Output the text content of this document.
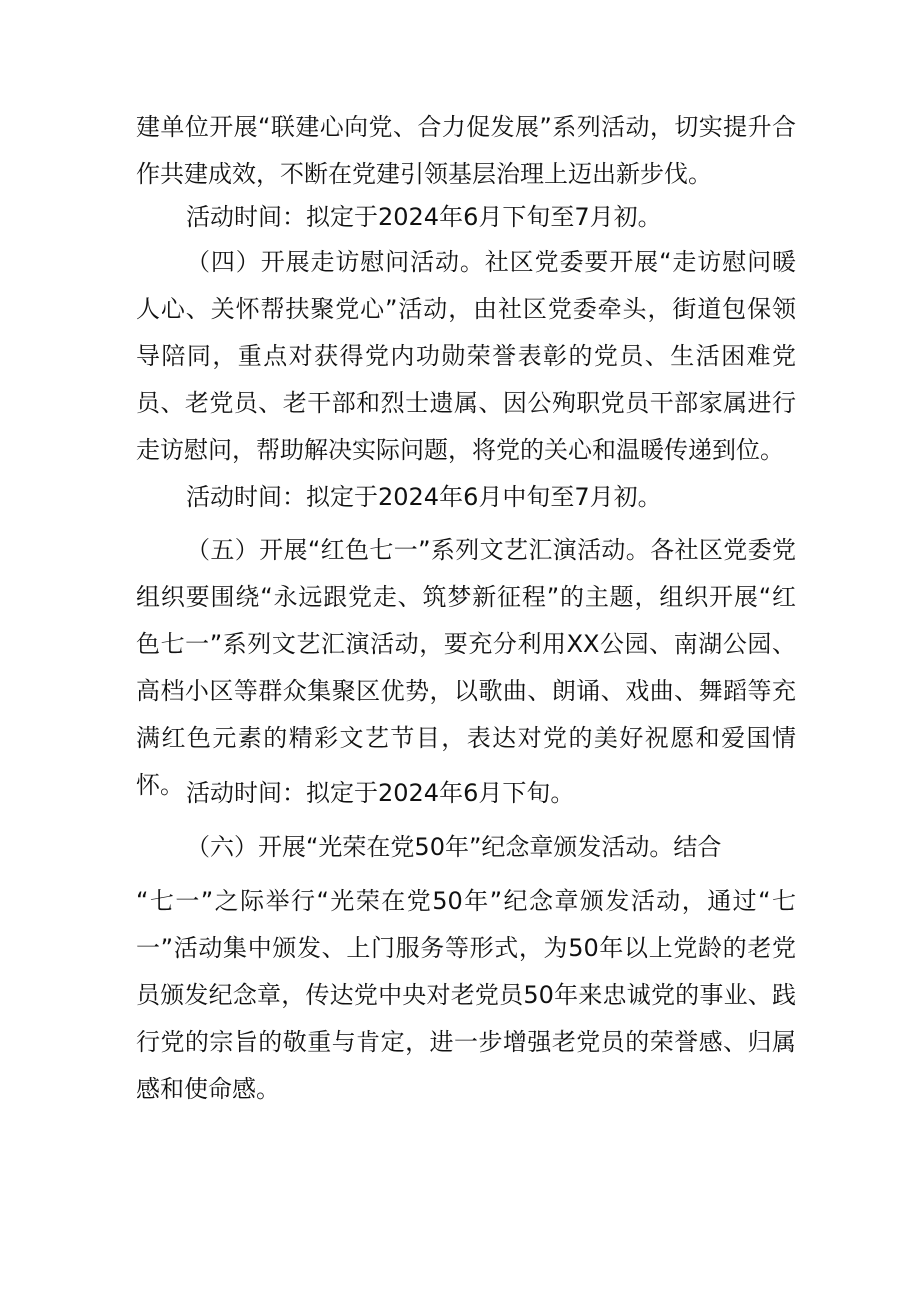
建单位开展“联建心向党、合力促发展”系列活动，切实提升合作共建成效，不断在党建引领基层治理上迈出新步伐。

活动时间：拟定于2024年6月下旬至7月初。

（四）开展走访慰问活动。社区党委要开展“走访慰问暖人心、关怀帮扶聚党心”活动，由社区党委牵头，街道包保领导陪同，重点对获得党内功勋荣誉表彰的党员、生活困难党员、老党员、老干部和烈士遗属、因公殉职党员干部家属进行走访慰问，帮助解决实际问题，将党的关心和温暖传递到位。

活动时间：拟定于2024年6月中旬至7月初。

（五）开展“红色七一”系列文艺汇演活动。各社区党委党组织要围绕“永远跟党走、筑梦新征程”的主题，组织开展“红色七一”系列文艺汇演活动，要充分利用XX公园、南湖公园、高档小区等群众集聚区优势，以歌曲、朗诵、戏曲、舞蹈等充满红色元素的精彩文艺节目，表达对党的美好祝愿和爱国情怀。 活动时间：拟定于2024年6月下旬。

（六）开展“光荣在党50年”纪念章颁发活动。结合

“七一”之际举行“光荣在党50年”纪念章颁发活动，通过“七一”活动集中颁发、上门服务等形式，为50年以上党龄的老党员颁发纪念章，传达党中央对老党员50年来忠诚党的事业、践行党的宗旨的敬重与肯定，进一步增强老党员的荣誉感、归属感和使命感。
